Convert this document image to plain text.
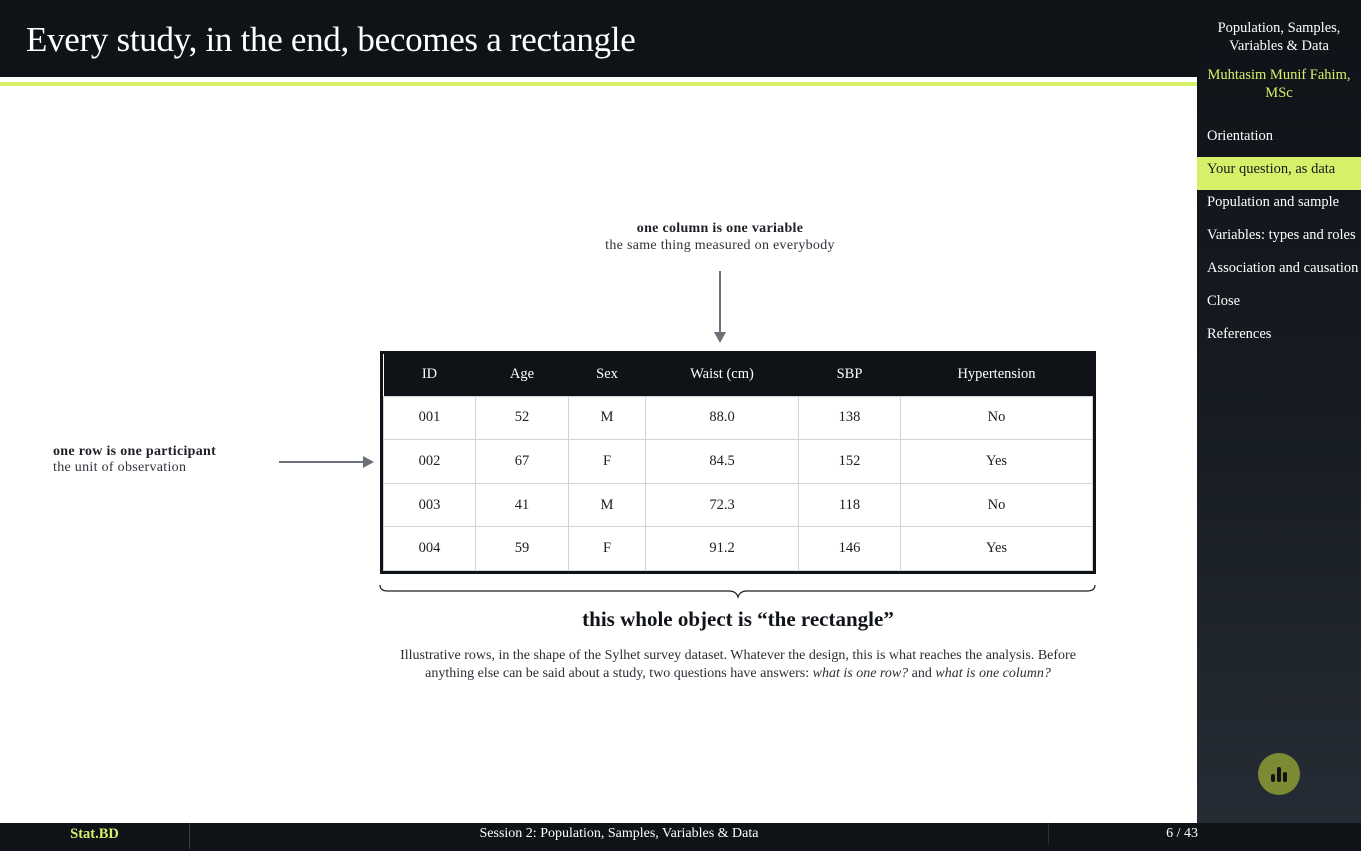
Every study, in the end, becomes a rectangle	Population, Samples, Variables & Data
Muhtasim Munif Fahim, MSc
Orientation
Your question, as data
Population and sample
Variables: types and roles
Association and causation
Close
References
one column is one variable
the same thing measured on everybody
one row is one participant
the unit of observation
ID	Age	Sex	Waist (cm)	SBP	Hypertension
001	52	M	88.0	138	No
002	67	F	84.5	152	Yes
003	41	M	72.3	118	No
004	59	F	91.2	146	Yes
this whole object is “the rectangle”
Illustrative rows, in the shape of the Sylhet survey dataset. Whatever the design, this is what reaches the analysis. Before anything else can be said about a study, two questions have answers: what is one row? and what is one column?
Stat.BD	Session 2: Population, Samples, Variables & Data	6 / 43
